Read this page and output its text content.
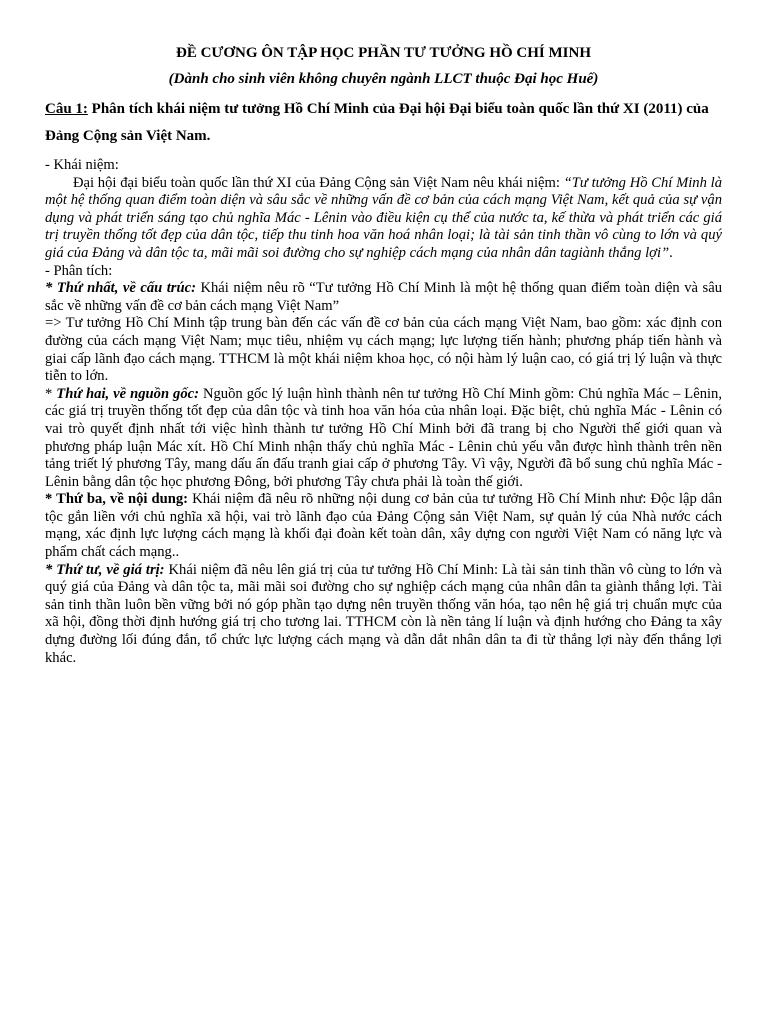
ĐỀ CƯƠNG ÔN TẬP HỌC PHẦN TƯ TƯỞNG HỒ CHÍ MINH
(Dành cho sinh viên không chuyên ngành LLCT thuộc Đại học Huế)
Câu 1: Phân tích khái niệm tư tưởng Hồ Chí Minh của Đại hội Đại biểu toàn quốc lần thứ XI (2011) của Đảng Cộng sản Việt Nam.

- Khái niệm:

Đại hội đại biểu toàn quốc lần thứ XI của Đảng Cộng sản Việt Nam nêu khái niệm: “Tư tưởng Hồ Chí Minh là một hệ thống quan điểm toàn diện và sâu sắc về những vấn đề cơ bản của cách mạng Việt Nam, kết quả của sự vận dụng và phát triển sáng tạo chủ nghĩa Mác - Lênin vào điều kiện cụ thể của nước ta, kế thừa và phát triển các giá trị truyền thống tốt đẹp của dân tộc, tiếp thu tinh hoa văn hoá nhân loại; là tài sản tinh thần vô cùng to lớn và quý giá của Đảng và dân tộc ta, mãi mãi soi đường cho sự nghiệp cách mạng của nhân dân tagiành thắng lợi”.

- Phân tích:

* Thứ nhất, về cấu trúc: Khái niệm nêu rõ “Tư tưởng Hồ Chí Minh là một hệ thống quan điểm toàn diện và sâu sắc về những vấn đề cơ bản cách mạng Việt Nam”

=> Tư tưởng Hồ Chí Minh tập trung bàn đến các vấn đề cơ bản của cách mạng Việt Nam, bao gồm: xác định con đường của cách mạng Việt Nam; mục tiêu, nhiệm vụ cách mạng; lực lượng tiến hành; phương pháp tiến hành và giai cấp lãnh đạo cách mạng. TTHCM là một khái niệm khoa học, có nội hàm lý luận cao, có giá trị lý luận và thực tiễn to lớn.

* Thứ hai, về nguồn gốc: Nguồn gốc lý luận hình thành nên tư tưởng Hồ Chí Minh gồm: Chủ nghĩa Mác – Lênin, các giá trị truyền thống tốt đẹp của dân tộc và tinh hoa văn hóa của nhân loại. Đặc biệt, chủ nghĩa Mác - Lênin có vai trò quyết định nhất tới việc hình thành tư tưởng Hồ Chí Minh bởi đã trang bị cho Người thế giới quan và phương pháp luận Mác xít. Hồ Chí Minh nhận thấy chủ nghĩa Mác - Lênin chủ yếu vẫn được hình thành trên nền tảng triết lý phương Tây, mang dấu ấn đấu tranh giai cấp ở phương Tây. Vì vậy, Người đã bổ sung chủ nghĩa Mác - Lênin bằng dân tộc học phương Đông, bởi phương Tây chưa phải là toàn thế giới.

* Thứ ba, về nội dung: Khái niệm đã nêu rõ những nội dung cơ bản của tư tưởng Hồ Chí Minh như: Độc lập dân tộc gắn liền với chủ nghĩa xã hội, vai trò lãnh đạo của Đảng Cộng sản Việt Nam, sự quản lý của Nhà nước cách mạng, xác định lực lượng cách mạng là khối đại đoàn kết toàn dân, xây dựng con người Việt Nam có năng lực và phẩm chất cách mạng..

* Thứ tư, về giá trị: Khái niệm đã nêu lên giá trị của tư tưởng Hồ Chí Minh: Là tài sản tinh thần vô cùng to lớn và quý giá của Đảng và dân tộc ta, mãi mãi soi đường cho sự nghiệp cách mạng của nhân dân ta giành thắng lợi. Tài sản tinh thần luôn bền vững bởi nó góp phần tạo dựng nên truyền thống văn hóa, tạo nên hệ giá trị chuẩn mực của xã hội, đồng thời định hướng giá trị cho tương lai. TTHCM còn là nền tảng lí luận và định hướng cho Đảng ta xây dựng đường lối đúng đắn, tổ chức lực lượng cách mạng và dẫn dắt nhân dân ta đi từ thắng lợi này đến thắng lợi khác.
